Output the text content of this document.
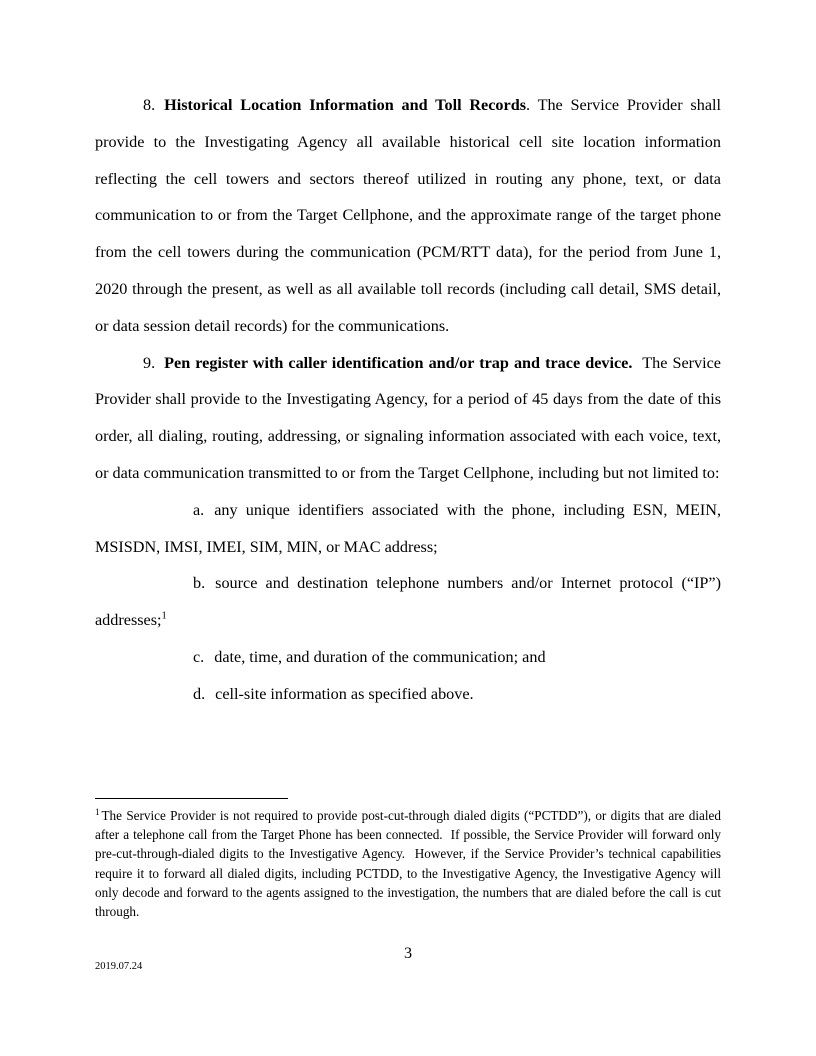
8. Historical Location Information and Toll Records. The Service Provider shall provide to the Investigating Agency all available historical cell site location information reflecting the cell towers and sectors thereof utilized in routing any phone, text, or data communication to or from the Target Cellphone, and the approximate range of the target phone from the cell towers during the communication (PCM/RTT data), for the period from June 1, 2020 through the present, as well as all available toll records (including call detail, SMS detail, or data session detail records) for the communications.

9. Pen register with caller identification and/or trap and trace device.  The Service Provider shall provide to the Investigating Agency, for a period of 45 days from the date of this order, all dialing, routing, addressing, or signaling information associated with each voice, text, or data communication transmitted to or from the Target Cellphone, including but not limited to:

a. any unique identifiers associated with the phone, including ESN, MEIN, MSISDN, IMSI, IMEI, SIM, MIN, or MAC address;

b. source and destination telephone numbers and/or Internet protocol (“IP”) addresses;$^1$

c. date, time, and duration of the communication; and

d. cell-site information as specified above.

$^1$ The Service Provider is not required to provide post-cut-through dialed digits (“PCTDD”), or digits that are dialed after a telephone call from the Target Phone has been connected.  If possible, the Service Provider will forward only pre-cut-through-dialed digits to the Investigative Agency.  However, if the Service Provider’s technical capabilities require it to forward all dialed digits, including PCTDD, to the Investigative Agency, the Investigative Agency will only decode and forward to the agents assigned to the investigation, the numbers that are dialed before the call is cut through.

3
2019.07.24
